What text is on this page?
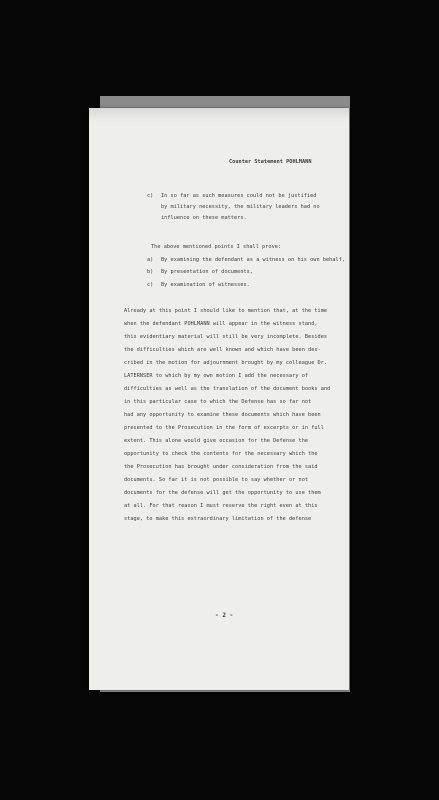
Counter Statement POHLMANN
c) In so far as such measures could not be justified
by military necessity, the military leaders had no
influence on these matters.
The above mentioned points I shall prove:
a) By examining the defendant as a witness on his own behalf,
b) By presentation of documents,
c) By examination of witnesses.
Already at this point I should like to mention that, at the time
when the defendant POHLMANN will appear in the witness stand,
this evidentiary material will still be very incomplete. Besides
the difficulties which are well known and which have been des-
cribed in the motion for adjournment brought by my colleague Dr.
LATERNSER to which by my own motion I add the necessary of
difficulties as well as the translation of the document books and
in this particular case to which the Defense has so far not
had any opportunity to examine these documents which have been
presented to the Prosecution in the form of excerpts or in full
extent. This alone would give occasion for the Defense the
opportunity to check the contents for the necessary which the
the Prosecution has brought under consideration from the said
documents. So far it is not possible to say whether or not
documents for the defense will get the opportunity to use them
at all. For that reason I must reserve the right even at this
stage, to make this extraordinary limitation of the defense
- 2 -
